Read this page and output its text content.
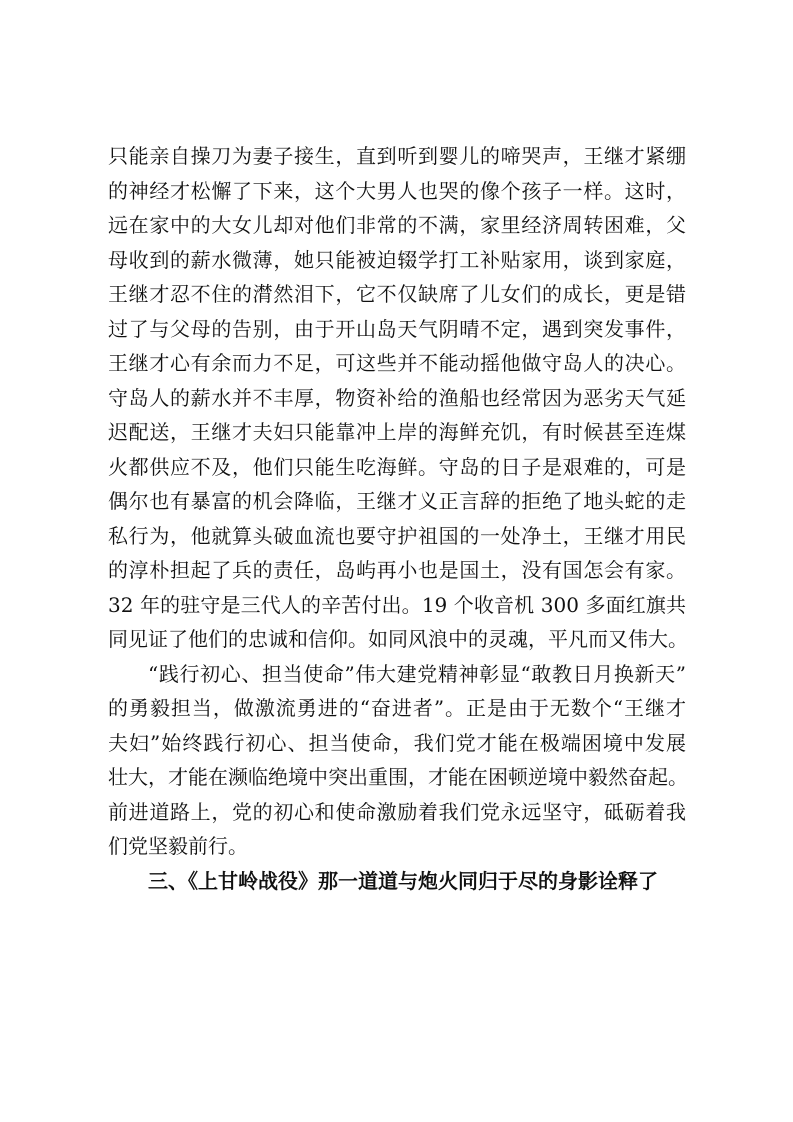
只能亲自操刀为妻子接生，直到听到婴儿的啼哭声，王继才紧绷
的神经才松懈了下来，这个大男人也哭的像个孩子一样。这时，
远在家中的大女儿却对他们非常的不满，家里经济周转困难，父
母收到的薪水微薄，她只能被迫辍学打工补贴家用，谈到家庭，
王继才忍不住的潸然泪下，它不仅缺席了儿女们的成长，更是错
过了与父母的告别，由于开山岛天气阴晴不定，遇到突发事件，
王继才心有余而力不足，可这些并不能动摇他做守岛人的决心。
守岛人的薪水并不丰厚，物资补给的渔船也经常因为恶劣天气延
迟配送，王继才夫妇只能靠冲上岸的海鲜充饥，有时候甚至连煤
火都供应不及，他们只能生吃海鲜。守岛的日子是艰难的，可是
偶尔也有暴富的机会降临，王继才义正言辞的拒绝了地头蛇的走
私行为，他就算头破血流也要守护祖国的一处净土，王继才用民
的淳朴担起了兵的责任，岛屿再小也是国土，没有国怎会有家。
32 年的驻守是三代人的辛苦付出。19 个收音机 300 多面红旗共
同见证了他们的忠诚和信仰。如同风浪中的灵魂，平凡而又伟大。
“践行初心、担当使命”伟大建党精神彰显“敢教日月换新天”
的勇毅担当，做激流勇进的“奋进者”。正是由于无数个“王继才
夫妇”始终践行初心、担当使命，我们党才能在极端困境中发展
壮大，才能在濒临绝境中突出重围，才能在困顿逆境中毅然奋起。
前进道路上，党的初心和使命激励着我们党永远坚守，砥砺着我
们党坚毅前行。
三、《上甘岭战役》那一道道与炮火同归于尽的身影诠释了
